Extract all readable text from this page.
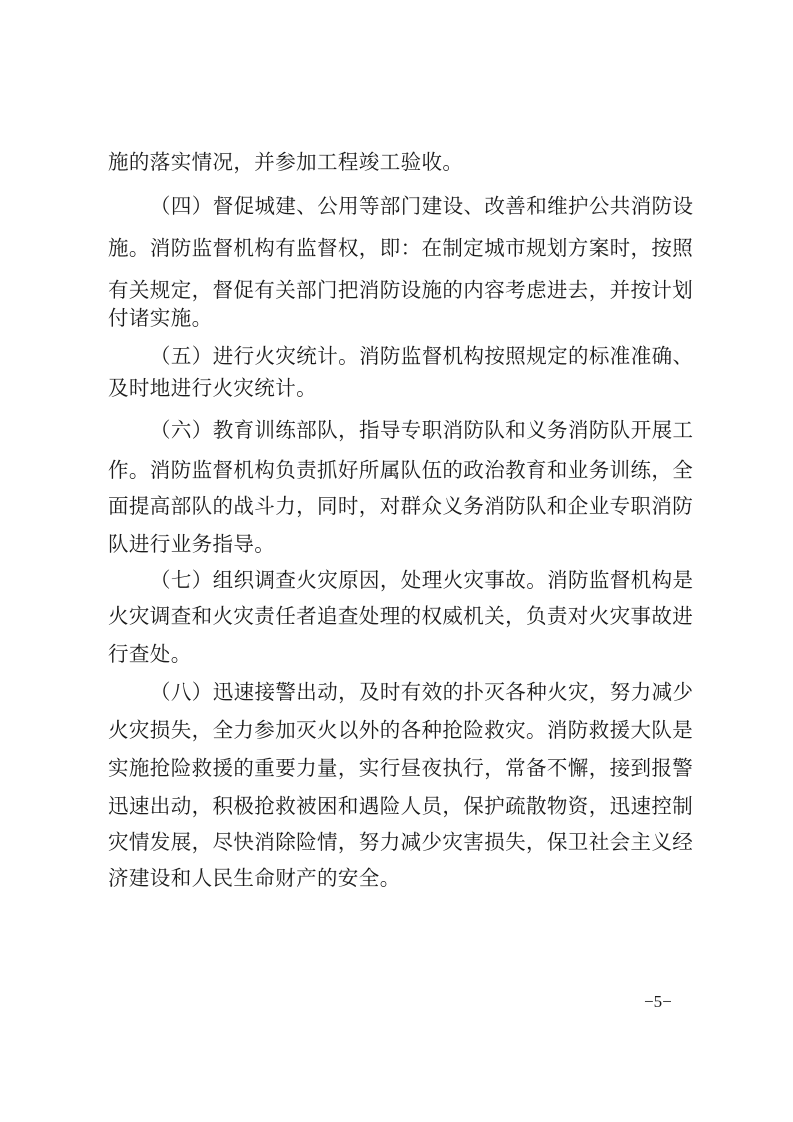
施的落实情况，并参加工程竣工验收。
（四）督促城建、公用等部门建设、改善和维护公共消防设
施。消防监督机构有监督权，即：在制定城市规划方案时，按照
有关规定，督促有关部门把消防设施的内容考虑进去，并按计划
付诸实施。
（五）进行火灾统计。消防监督机构按照规定的标准准确、
及时地进行火灾统计。
（六）教育训练部队，指导专职消防队和义务消防队开展工
作。消防监督机构负责抓好所属队伍的政治教育和业务训练，全
面提高部队的战斗力，同时，对群众义务消防队和企业专职消防
队进行业务指导。
（七）组织调查火灾原因，处理火灾事故。消防监督机构是
火灾调查和火灾责任者追查处理的权威机关，负责对火灾事故进
行查处。
（八）迅速接警出动，及时有效的扑灭各种火灾，努力减少
火灾损失，全力参加灭火以外的各种抢险救灾。消防救援大队是
实施抢险救援的重要力量，实行昼夜执行，常备不懈，接到报警
迅速出动，积极抢救被困和遇险人员，保护疏散物资，迅速控制
灾情发展，尽快消除险情，努力减少灾害损失，保卫社会主义经
济建设和人民生命财产的安全。
−5−
